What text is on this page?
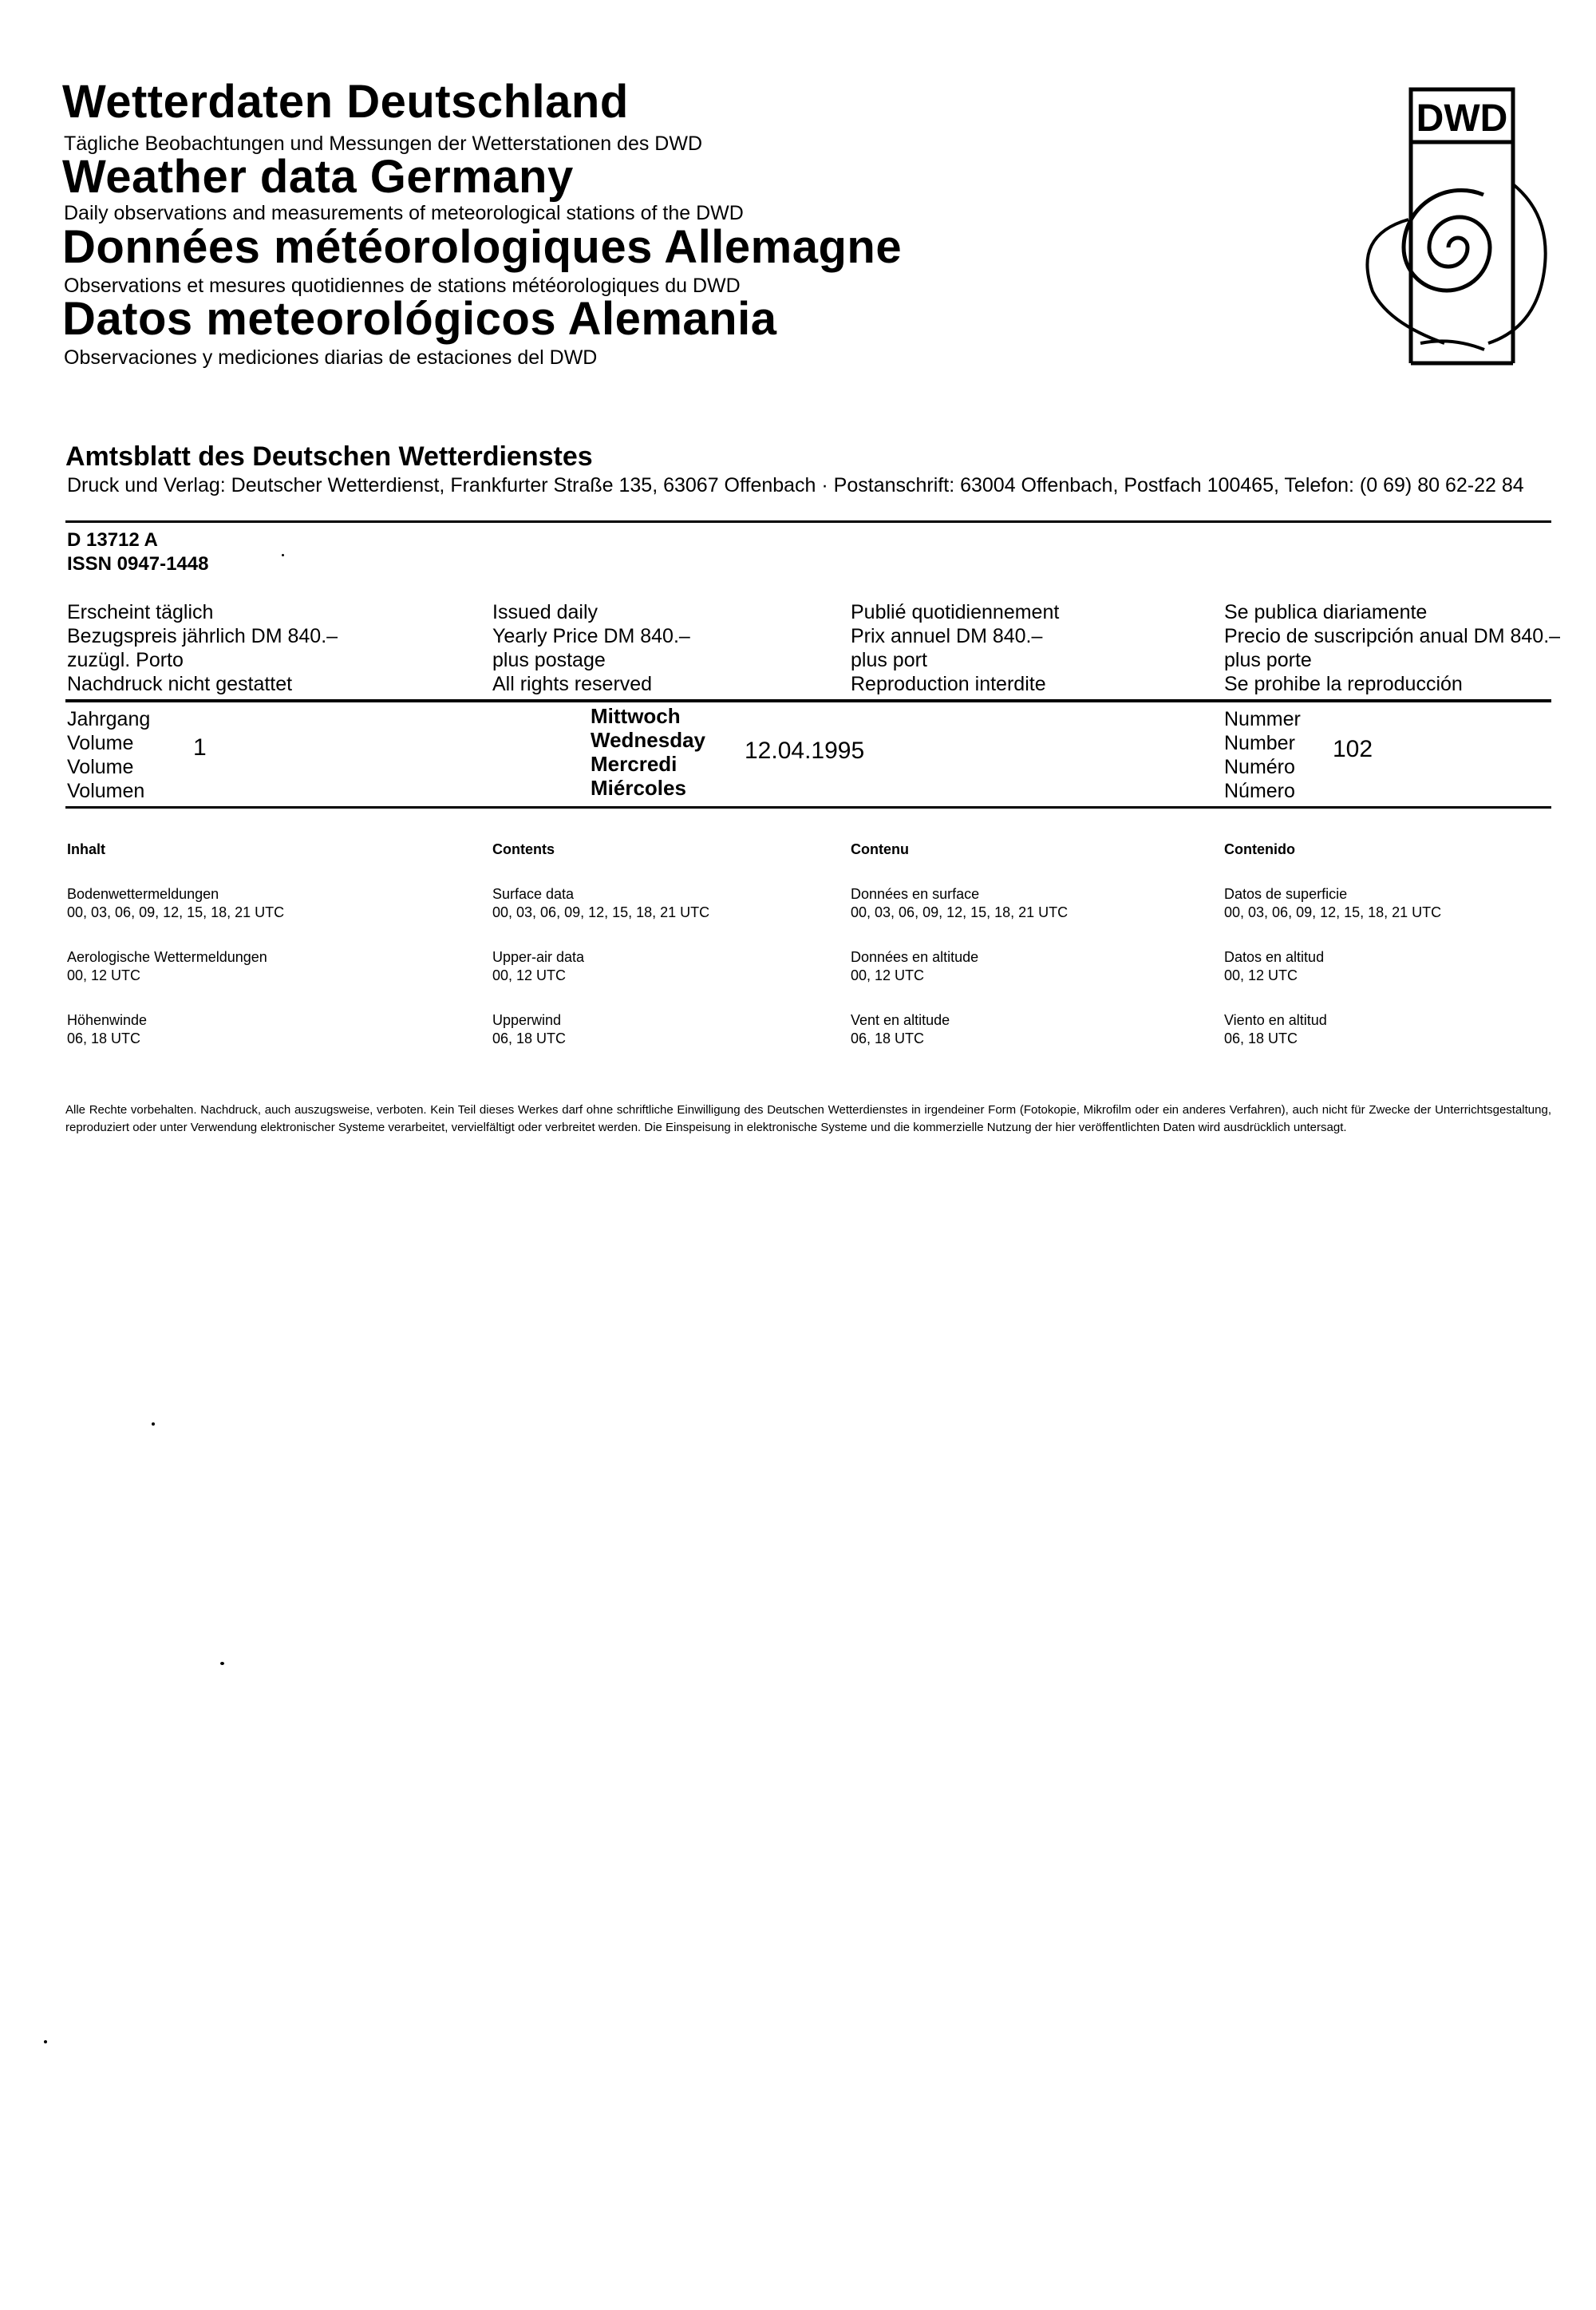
Wetterdaten Deutschland
Tägliche Beobachtungen und Messungen der Wetterstationen des DWD
Weather data Germany
Daily observations and measurements of meteorological stations of the DWD
Données météorologiques Allemagne
Observations et mesures quotidiennes de stations météorologiques du DWD
Datos meteorológicos Alemania
Observaciones y mediciones diarias de estaciones del DWD
DWD
Amtsblatt des Deutschen Wetterdienstes
Druck und Verlag: Deutscher Wetterdienst, Frankfurter Straße 135, 63067 Offenbach · Postanschrift: 63004 Offenbach, Postfach 100465, Telefon: (0 69) 80 62-22 84
D 13712 A
ISSN 0947-1448
Erscheint täglich
Bezugspreis jährlich DM 840.–
zuzügl. Porto
Nachdruck nicht gestattet
Issued daily
Yearly Price DM 840.–
plus postage
All rights reserved
Publié quotidiennement
Prix annuel DM 840.–
plus port
Reproduction interdite
Se publica diariamente
Precio de suscripción anual DM 840.–
plus porte
Se prohibe la reproducción
Jahrgang
Volume
Volume
Volumen
1
Mittwoch
Wednesday
Mercredi
Miércoles
12.04.1995
Nummer
Number
Numéro
Número
102
Inhalt
Bodenwettermeldungen
00, 03, 06, 09, 12, 15, 18, 21 UTC
Aerologische Wettermeldungen
00, 12 UTC
Höhenwinde
06, 18 UTC
Contents
Surface data
00, 03, 06, 09, 12, 15, 18, 21 UTC
Upper-air data
00, 12 UTC
Upperwind
06, 18 UTC
Contenu
Données en surface
00, 03, 06, 09, 12, 15, 18, 21 UTC
Données en altitude
00, 12 UTC
Vent en altitude
06, 18 UTC
Contenido
Datos de superficie
00, 03, 06, 09, 12, 15, 18, 21 UTC
Datos en altitud
00, 12 UTC
Viento en altitud
06, 18 UTC
Alle Rechte vorbehalten. Nachdruck, auch auszugsweise, verboten. Kein Teil dieses Werkes darf ohne schriftliche Einwilligung des Deutschen Wetterdienstes in irgendeiner Form (Fotokopie, Mikrofilm oder ein anderes Verfahren), auch nicht für Zwecke der Unterrichtsgestaltung, reproduziert oder unter Verwendung elektronischer Systeme verarbeitet, vervielfältigt oder verbreitet werden. Die Einspeisung in elektronische Systeme und die kommerzielle Nutzung der hier veröffentlichten Daten wird ausdrücklich untersagt.
